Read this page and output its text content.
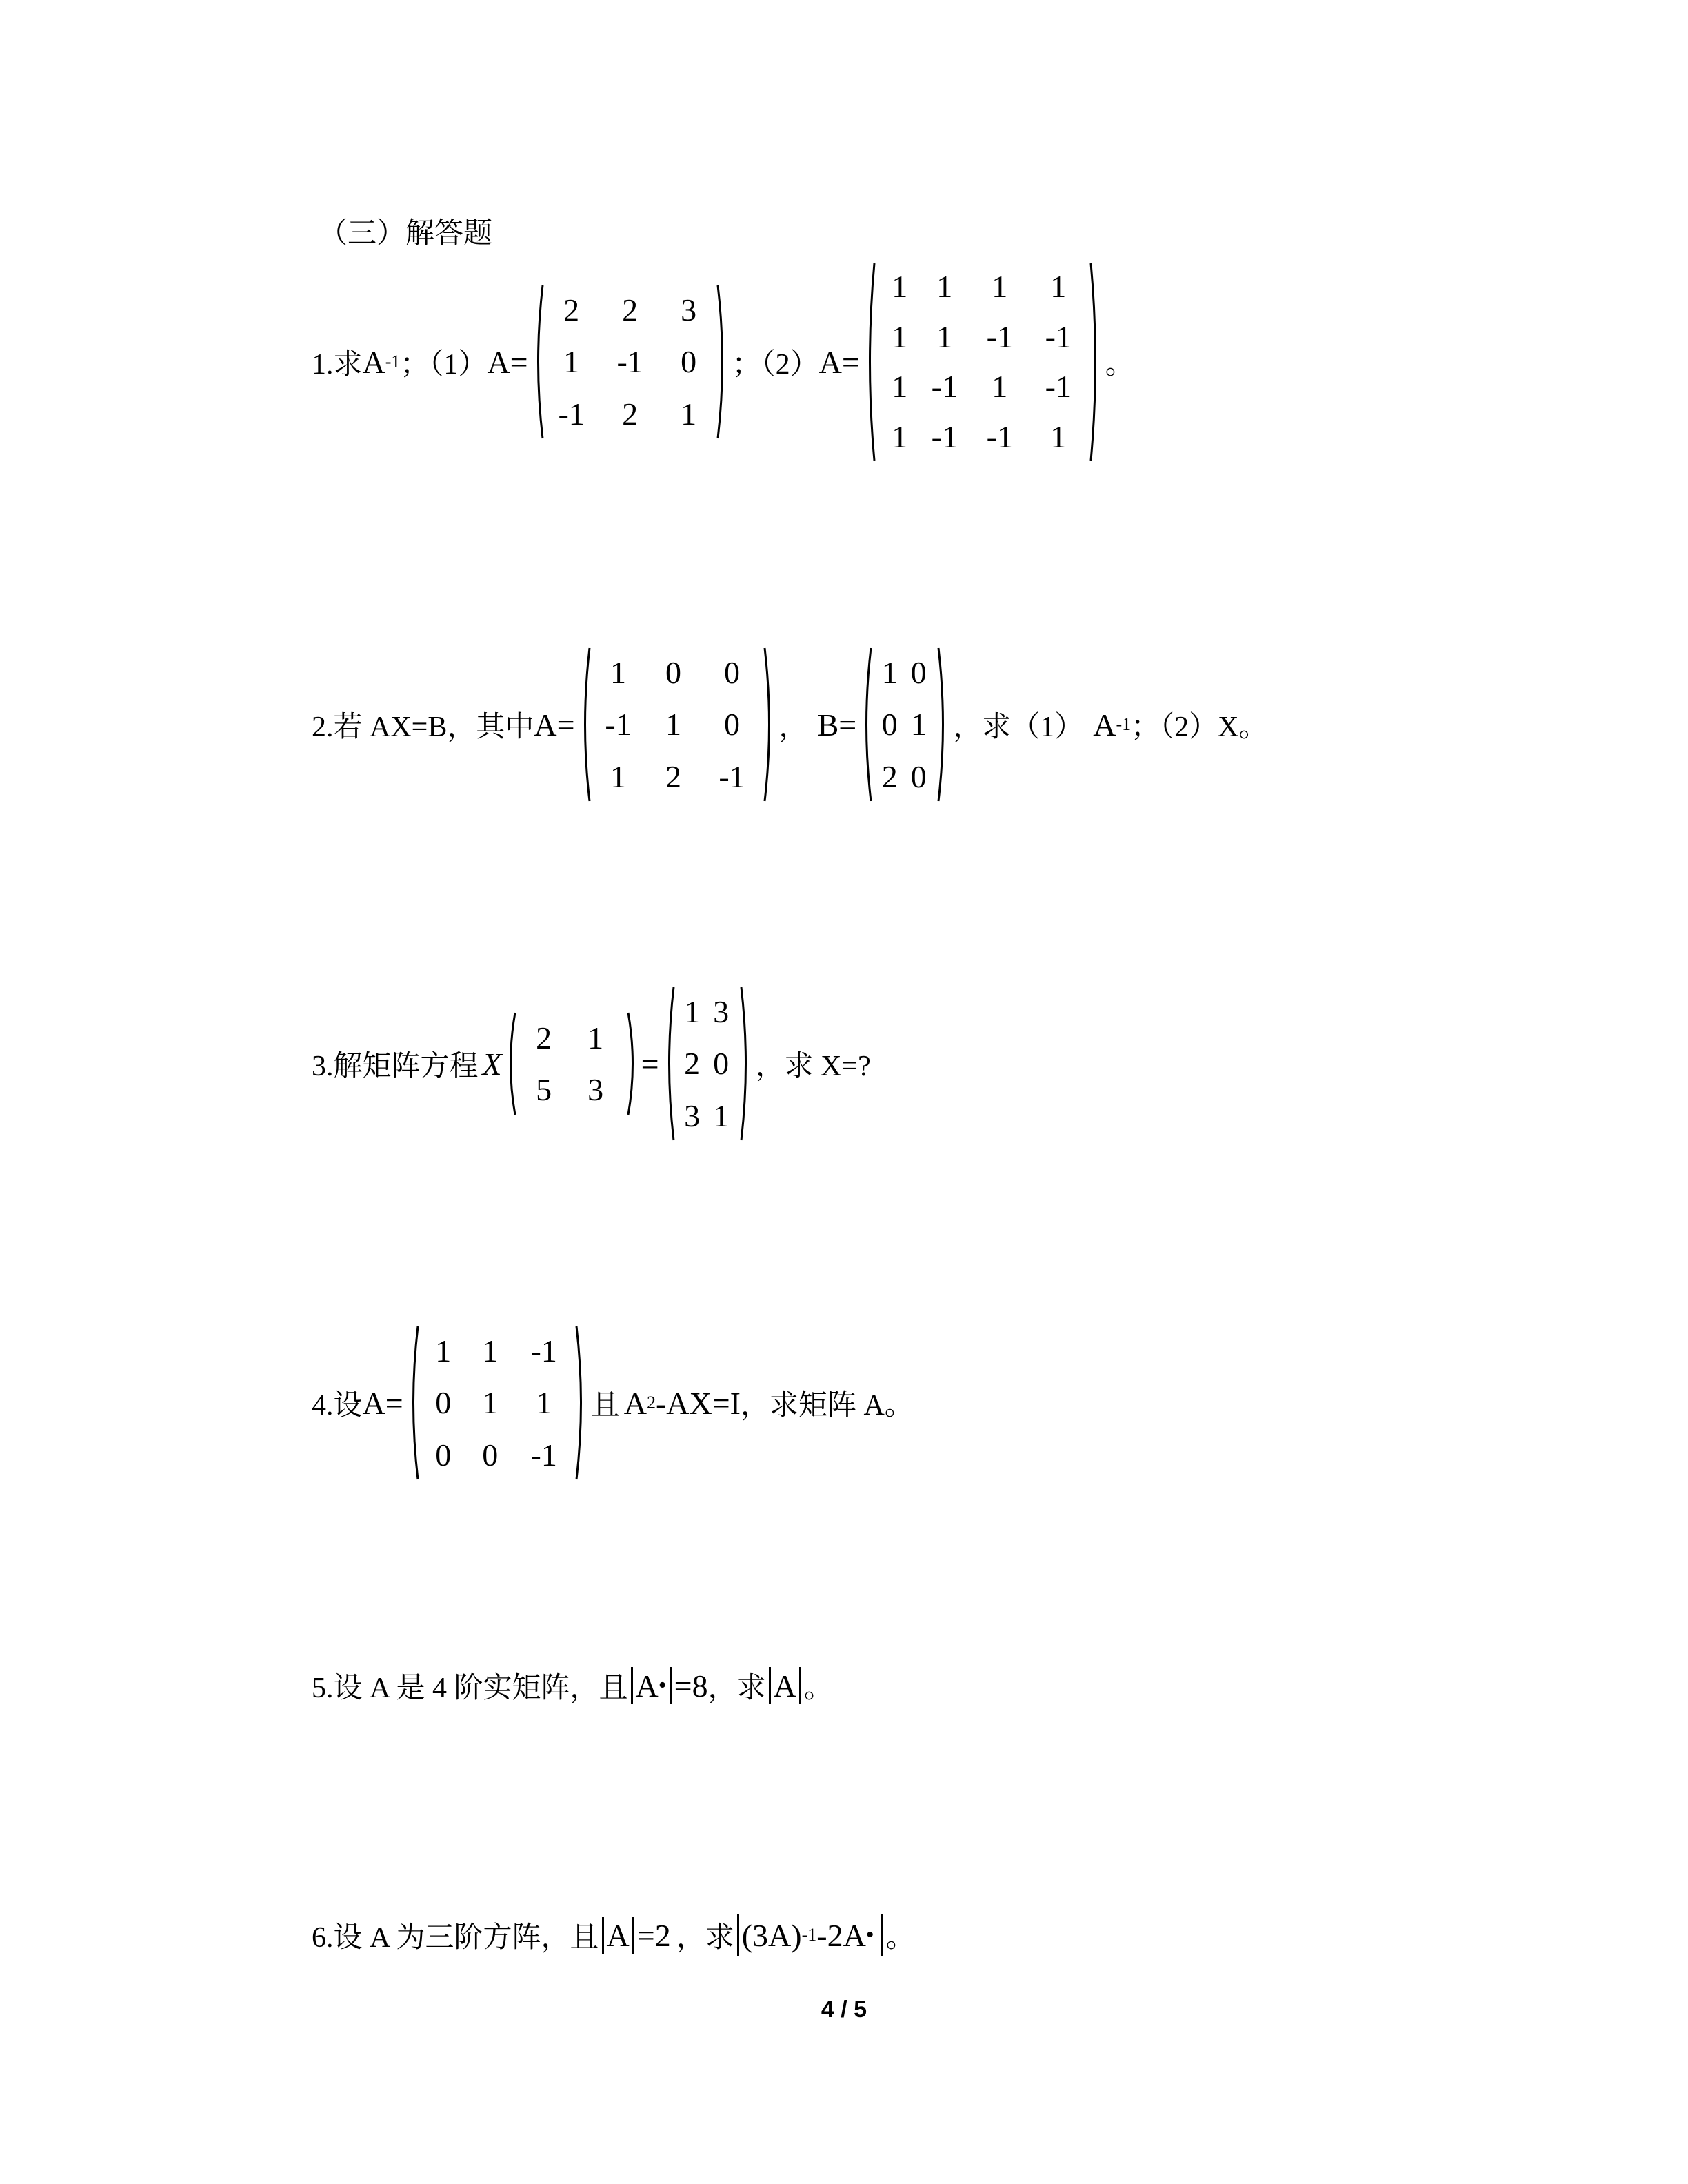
（三）解答题
1.求 A -1 ；（1） A=
2	2	3
1	-1	0
-1	2	1
；（2） A=
1 1	1	1
1 1	-1	-1
1 -1	1	-1
1 -1 -1	1
。
2.若 AX=B，其中 A=
1	0	0
-1	1	0
1	2	-1
， B=
1 0
0 1
2 0
，求（1） A -1 ；（2）X。
3.解矩阵方程 X
2	1
5	3
=
1 3
2 0
3 1
，求 X=?
4.设 A=
1 1	-1
0 1	1
0 0	-1
且 A 2 -AX=I ，求矩阵 A。
5.设 A 是 4 阶实矩阵，且 A • =8 ，求 A 。
6.设 A 为三阶方阵，且 A =2 ，求 (3A) -1 -2A • 。
4 / 5
